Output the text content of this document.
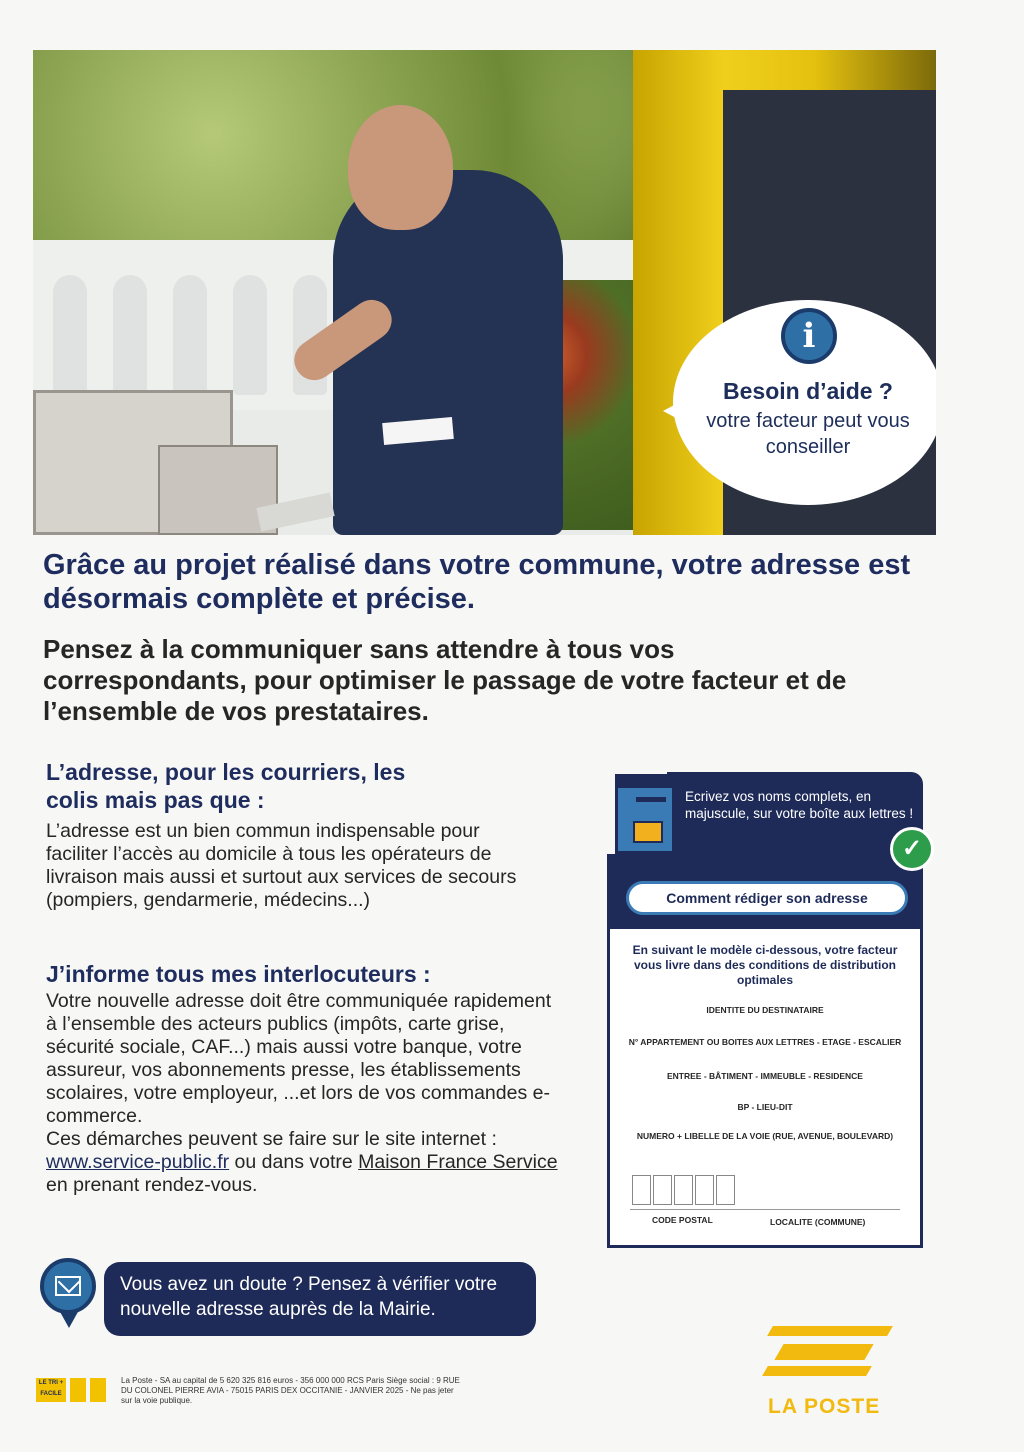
i
Besoin d’aide ?
votre facteur peut vous conseiller
Grâce au projet réalisé dans votre commune, votre adresse est désormais complète et précise.
Pensez à la communiquer sans attendre à tous vos correspondants, pour optimiser le passage de votre facteur et de l’ensemble de vos prestataires.
L’adresse, pour les courriers, les colis mais pas que :
L’adresse est un bien commun indispensable pour faciliter l’accès au domicile à tous les opérateurs de livraison mais aussi et surtout aux services de secours (pompiers, gendarmerie, médecins...)
J’informe tous mes interlocuteurs :
Votre nouvelle adresse doit être communiquée rapidement à l’ensemble des acteurs publics (impôts, carte grise, sécurité sociale, CAF...) mais aussi votre banque, votre assureur, vos abonnements presse, les établissements scolaires, votre employeur, ...et lors de vos commandes e-commerce.
Ces démarches peuvent se faire sur le site internet : www.service-public.fr ou dans votre Maison France Service en prenant rendez-vous.
Vous avez un doute ? Pensez à vérifier votre nouvelle adresse auprès de la Mairie.
Ecrivez vos noms complets, en majuscule, sur votre boîte aux lettres !
Comment rédiger son adresse
En suivant le modèle ci-dessous, votre facteur vous livre dans des conditions de distribution optimales
IDENTITE DU DESTINATAIRE
N° APPARTEMENT OU BOITES AUX LETTRES - ETAGE - ESCALIER
ENTREE - BÂTIMENT - IMMEUBLE - RESIDENCE
BP - LIEU-DIT
NUMERO + LIBELLE DE LA VOIE (RUE, AVENUE, BOULEVARD)
CODE POSTAL	LOCALITE (COMMUNE)
✓
LE TRI + FACILE
La Poste - SA au capital de 5 620 325 816 euros - 356 000 000 RCS Paris Siège social : 9 RUE DU COLONEL PIERRE AVIA - 75015 PARIS DEX OCCITANIE - JANVIER 2025 - Ne pas jeter sur la voie publique.	LA POSTE
